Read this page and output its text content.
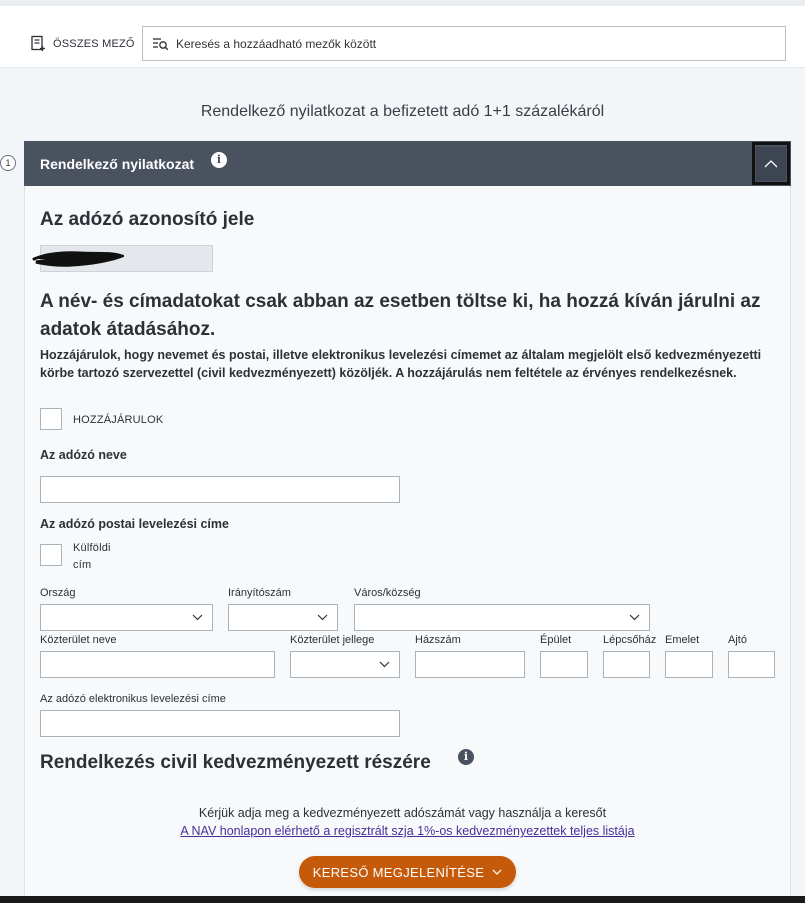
ÖSSZES MEZŐ
Keresés a hozzáadható mezők között
Rendelkező nyilatkozat a befizetett adó 1+1 százalékáról
1	Rendelkező nyilatkozat	i
Az adózó azonosító jele
A név- és címadatokat csak abban az esetben töltse ki, ha hozzá kíván járulni az adatok átadásához.
Hozzájárulok, hogy nevemet és postai, illetve elektronikus levelezési címemet az általam megjelölt első kedvezményezetti körbe tartozó szervezettel (civil kedvezményezett) közöljék. A hozzájárulás nem feltétele az érvényes rendelkezésnek.
HOZZÁJÁRULOK
Az adózó neve
Az adózó postai levelezési címe
Külföldi
cím
Ország	Irányítószám	Város/község
Közterület neve	Közterület jellege	Házszám	Épület	Lépcsőház Emelet	Ajtó
Az adózó elektronikus levelezési címe
Rendelkezés civil kedvezményezett részére	i
Kérjük adja meg a kedvezményezett adószámát vagy használja a keresőt
A NAV honlapon elérhető a regisztrált szja 1%-os kedvezményezettek teljes listája
KERESŐ MEGJELENÍTÉSE
